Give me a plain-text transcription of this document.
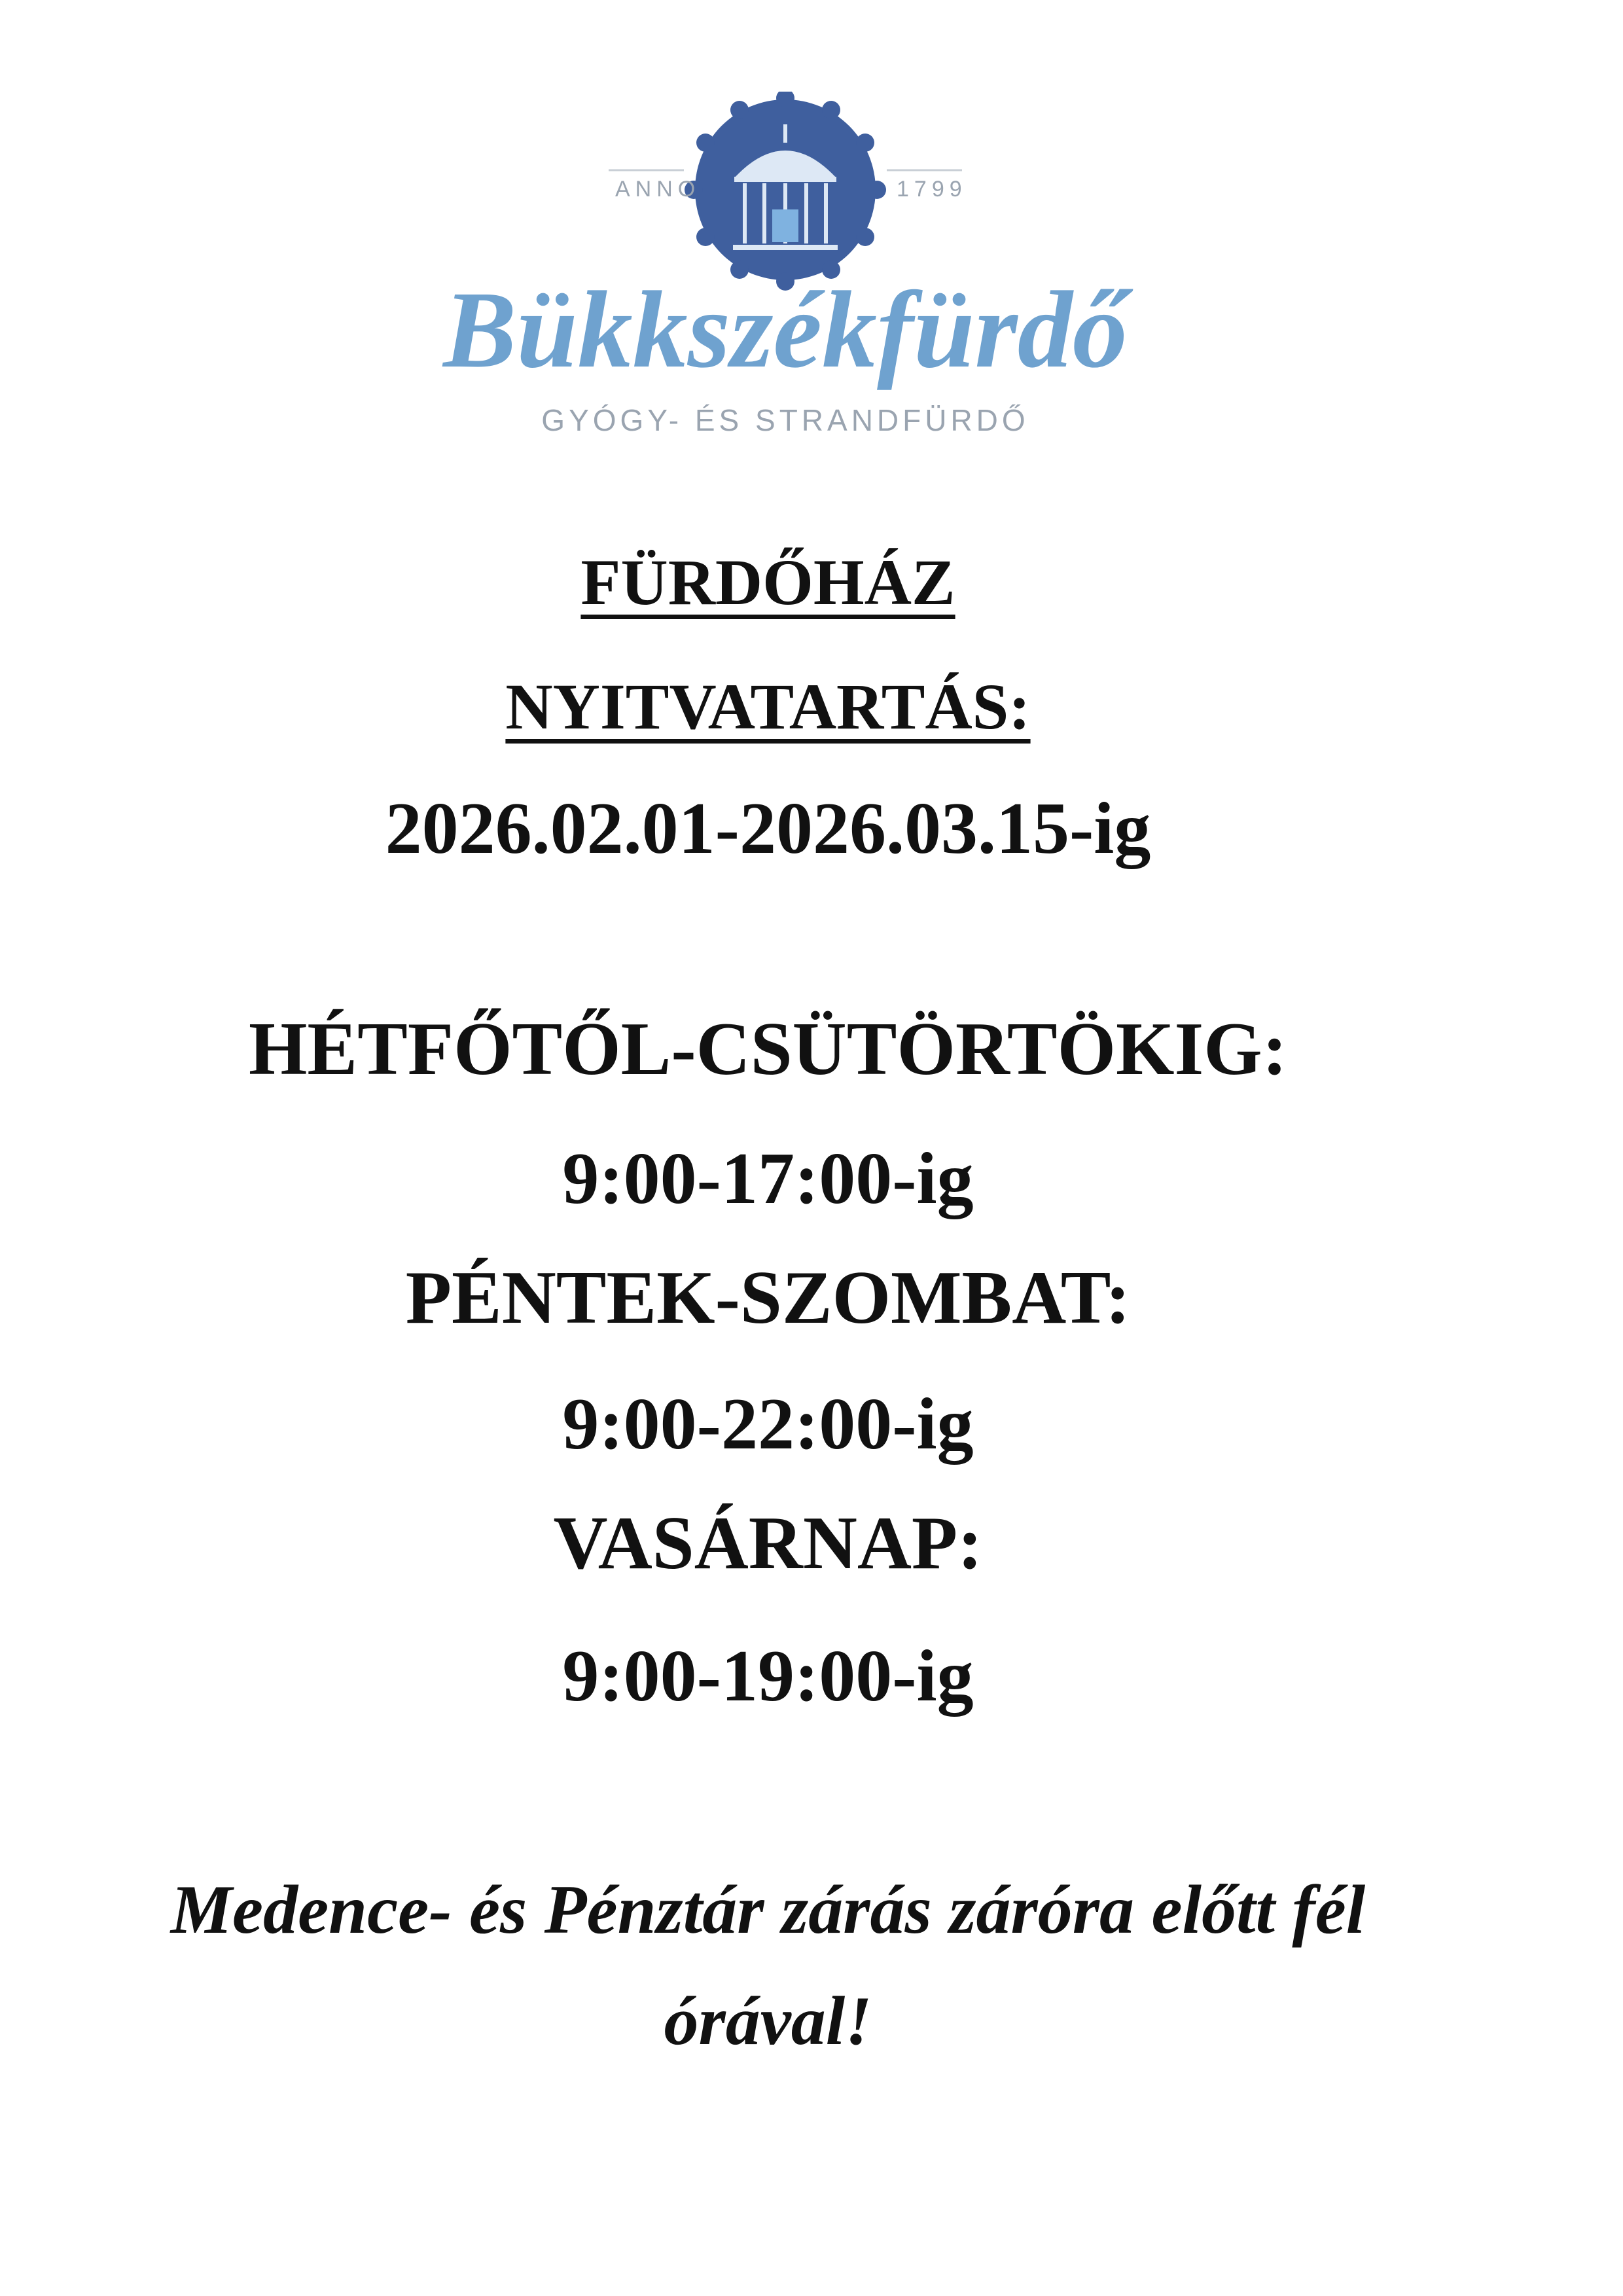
ANNO	1799
Bükkszékfürdő
GYÓGY- ÉS STRANDFÜRDŐ
FÜRDŐHÁZ
NYITVATARTÁS:
2026.02.01-2026.03.15-ig
HÉTFŐTŐL-CSÜTÖRTÖKIG:
9:00-17:00-ig
PÉNTEK-SZOMBAT:
9:00-22:00-ig
VASÁRNAP:
9:00-19:00-ig
Medence- és Pénztár zárás záróra előtt fél
órával!
